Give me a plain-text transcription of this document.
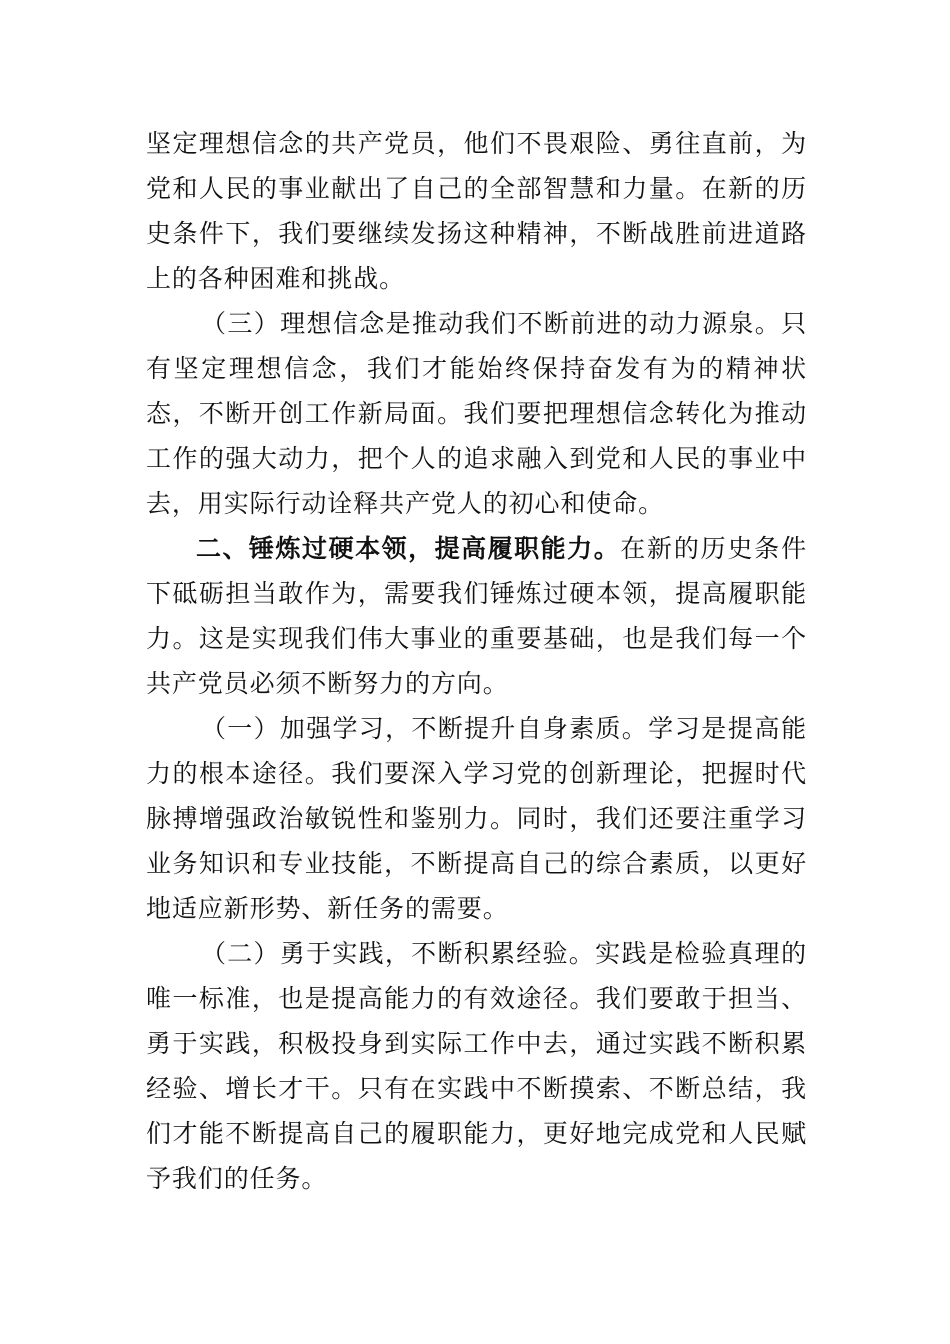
坚定理想信念的共产党员，他们不畏艰险、勇往直前，为党和人民的事业献出了自己的全部智慧和力量。在新的历史条件下，我们要继续发扬这种精神，不断战胜前进道路上的各种困难和挑战。

（三）理想信念是推动我们不断前进的动力源泉。只有坚定理想信念，我们才能始终保持奋发有为的精神状态，不断开创工作新局面。我们要把理想信念转化为推动工作的强大动力，把个人的追求融入到党和人民的事业中去，用实际行动诠释共产党人的初心和使命。

二、锤炼过硬本领，提高履职能力。在新的历史条件下砥砺担当敢作为，需要我们锤炼过硬本领，提高履职能力。这是实现我们伟大事业的重要基础，也是我们每一个共产党员必须不断努力的方向。

（一）加强学习，不断提升自身素质。学习是提高能力的根本途径。我们要深入学习党的创新理论，把握时代脉搏增强政治敏锐性和鉴别力。同时，我们还要注重学习业务知识和专业技能，不断提高自己的综合素质，以更好地适应新形势、新任务的需要。

（二）勇于实践，不断积累经验。实践是检验真理的唯一标准，也是提高能力的有效途径。我们要敢于担当、勇于实践，积极投身到实际工作中去，通过实践不断积累经验、增长才干。只有在实践中不断摸索、不断总结，我们才能不断提高自己的履职能力，更好地完成党和人民赋予我们的任务。
